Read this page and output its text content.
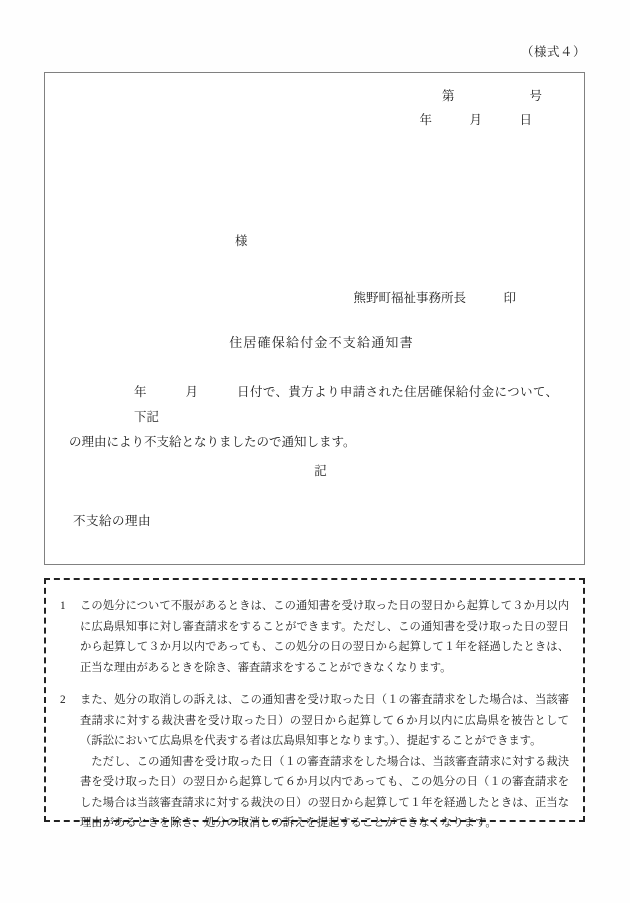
（様式４）
第　　　　　　号
年　　　月　　　日
様
熊野町福祉事務所長　　　印
住居確保給付金不支給通知書
年　　　月　　　日付で、貴方より申請された住居確保給付金について、下記
の理由により不支給となりましたので通知します。
記
不支給の理由
1	この処分について不服があるときは、この通知書を受け取った日の翌日から起算して３か月以内に広島県知事に対し審査請求をすることができます。ただし、この通知書を受け取った日の翌日から起算して３か月以内であっても、この処分の日の翌日から起算して１年を経過したときは、正当な理由があるときを除き、審査請求をすることができなくなります。
2	また、処分の取消しの訴えは、この通知書を受け取った日（１の審査請求をした場合は、当該審査請求に対する裁決書を受け取った日）の翌日から起算して６か月以内に広島県を被告として（訴訟において広島県を代表する者は広島県知事となります。）、提起することができます。
ただし、この通知書を受け取った日（１の審査請求をした場合は、当該審査請求に対する裁決書を受け取った日）の翌日から起算して６か月以内であっても、この処分の日（１の審査請求をした場合は当該審査請求に対する裁決の日）の翌日から起算して１年を経過したときは、正当な理由があるときを除き、処分の取消しの訴えを提起することができなくなります。
